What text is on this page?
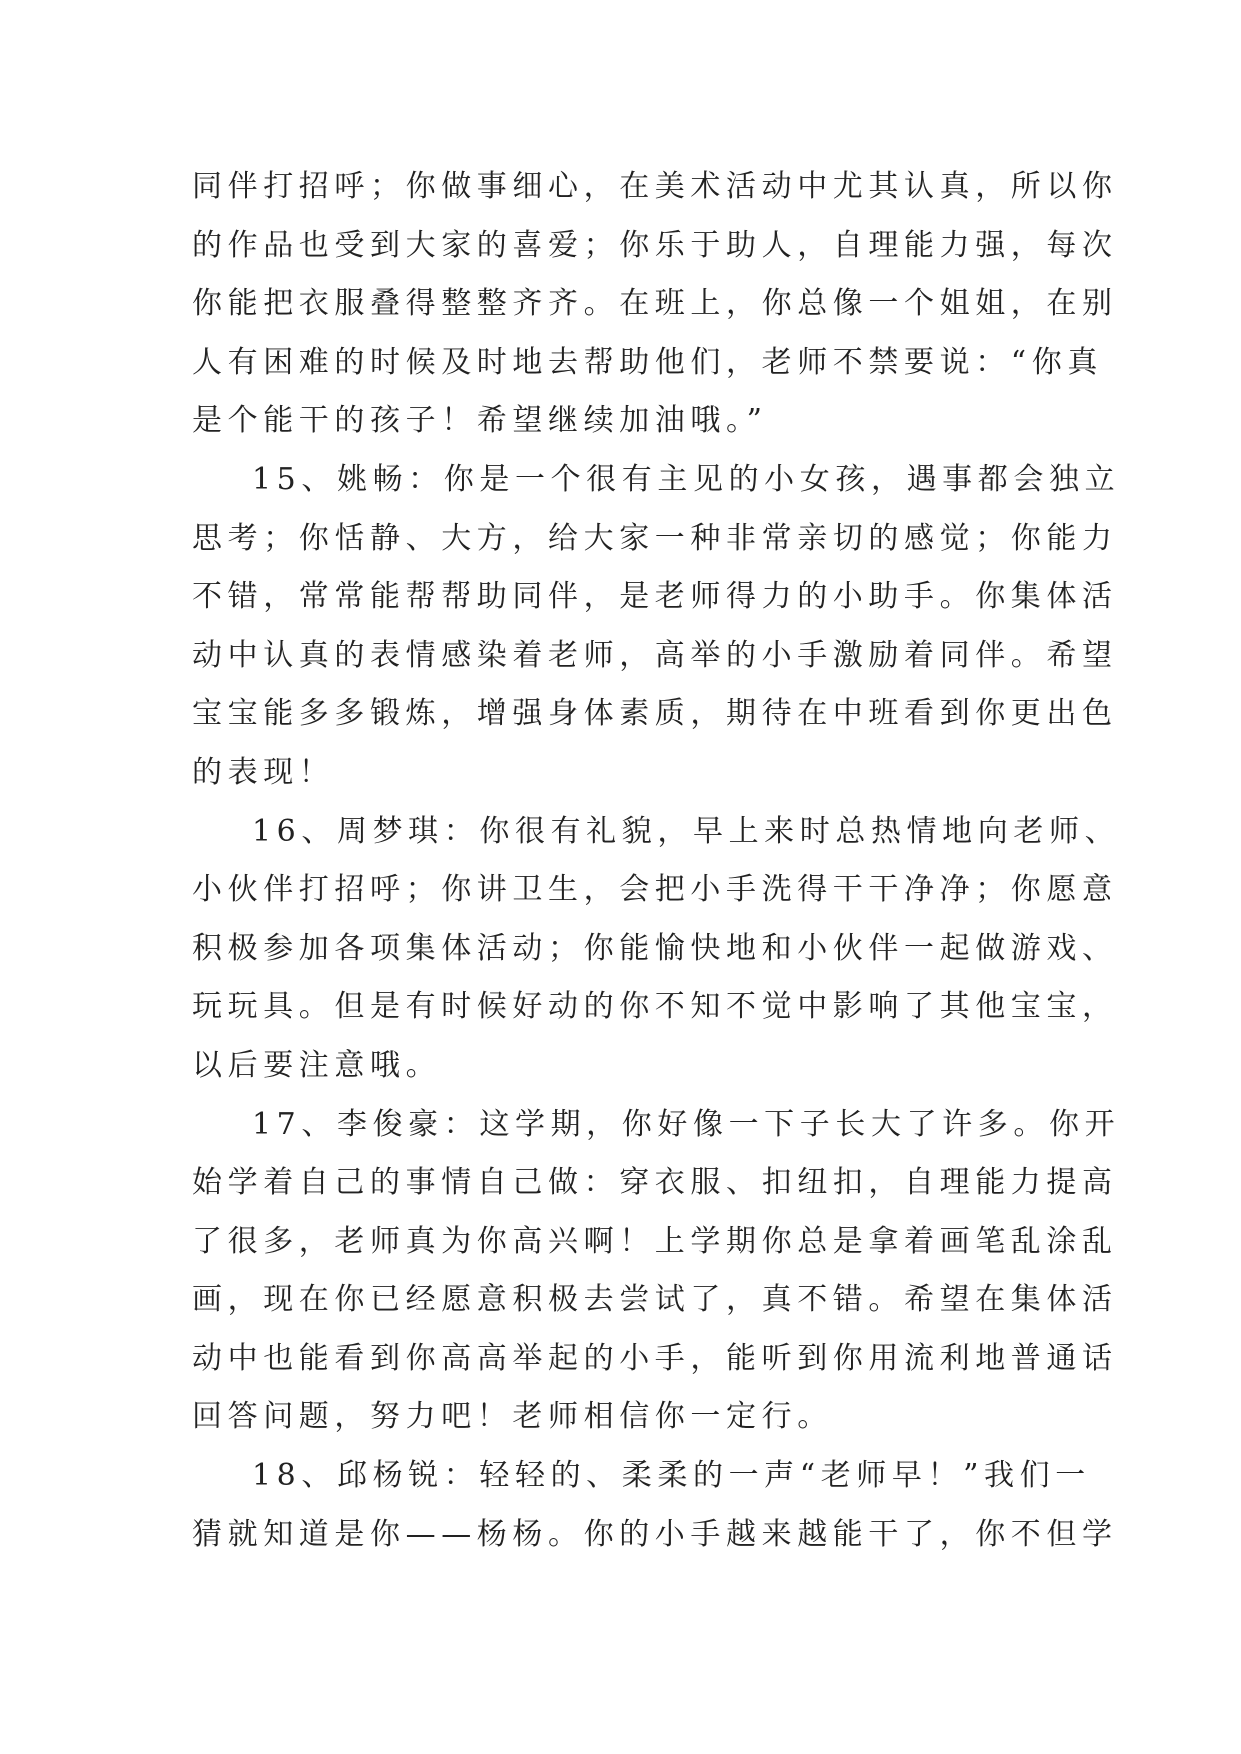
同伴打招呼；你做事细心，在美术活动中尤其认真，所以你
的作品也受到大家的喜爱；你乐于助人，自理能力强，每次
你能把衣服叠得整整齐齐。在班上，你总像一个姐姐，在别
人有困难的时候及时地去帮助他们，老师不禁要说：“你真
是个能干的孩子！希望继续加油哦。”
15、姚畅：你是一个很有主见的小女孩，遇事都会独立
思考；你恬静、大方，给大家一种非常亲切的感觉；你能力
不错，常常能帮帮助同伴，是老师得力的小助手。你集体活
动中认真的表情感染着老师，高举的小手激励着同伴。希望
宝宝能多多锻炼，增强身体素质，期待在中班看到你更出色
的表现！
16、周梦琪：你很有礼貌，早上来时总热情地向老师、
小伙伴打招呼；你讲卫生，会把小手洗得干干净净；你愿意
积极参加各项集体活动；你能愉快地和小伙伴一起做游戏、
玩玩具。但是有时候好动的你不知不觉中影响了其他宝宝，
以后要注意哦。
17、李俊豪：这学期，你好像一下子长大了许多。你开
始学着自己的事情自己做：穿衣服、扣纽扣，自理能力提高
了很多，老师真为你高兴啊！上学期你总是拿着画笔乱涂乱
画，现在你已经愿意积极去尝试了，真不错。希望在集体活
动中也能看到你高高举起的小手，能听到你用流利地普通话
回答问题，努力吧！老师相信你一定行。
18、邱杨锐：轻轻的、柔柔的一声“老师早！”我们一
猜就知道是你——杨杨。你的小手越来越能干了，你不但学
